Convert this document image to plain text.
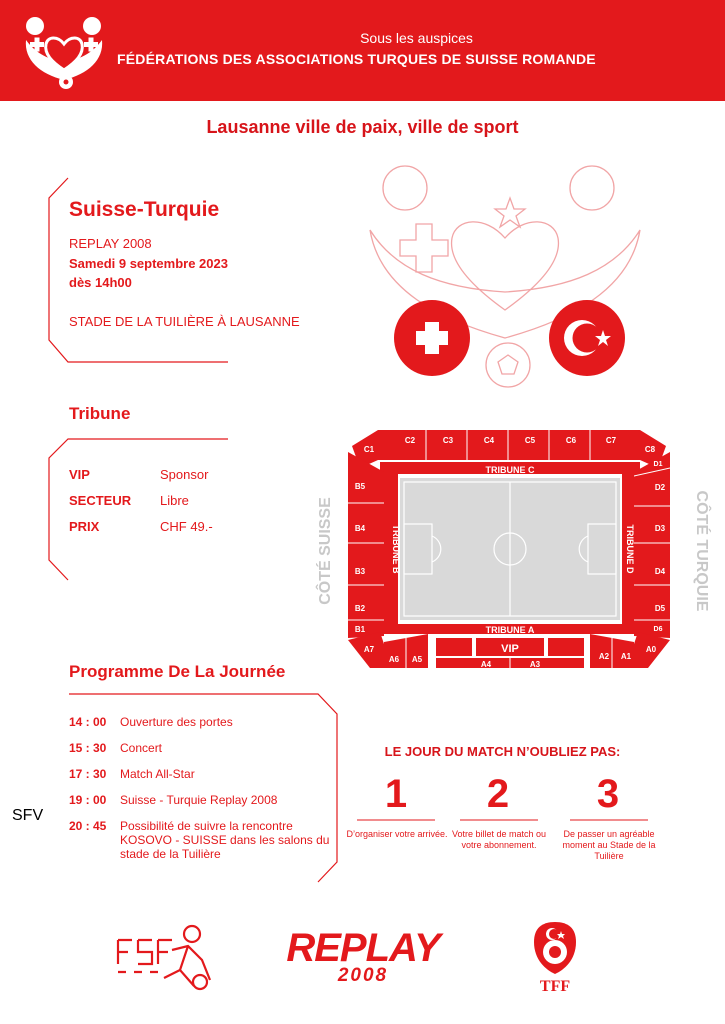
Sous les auspices
FÉDÉRATIONS DES ASSOCIATIONS TURQUES DE SUISSE ROMANDE
Lausanne ville de paix, ville de sport
Suisse-Turquie
REPLAY 2008
Samedi 9 septembre 2023
dès 14h00
STADE DE LA TUILIÈRE À LAUSANNE
Tribune
VIP	Sponsor
SECTEUR Libre
PRIX	CHF 49.-	CÔTÉ SUISSE	CÔTÉ TURQUIE
C1
C2	C3	C4	C5	C6	C7
C8
TRIBUNE C
B5
B4
B3
B2
B1
D1
D2
D3
D4
D5
D6
A7
A6 A5
A4	A3
A2 A1
A0
TRIBUNE A
VIP
TRIBUNE B	TRIBUNE D
Programme De La Journée
14 : 00 Ouverture des portes
15 : 30 Concert
17 : 30 Match All-Star
19 : 00 Suisse - Turquie Replay 2008
20 : 45 Possibilité de suivre la rencontre KOSOVO - SUISSE dans les salons du stade de la Tuilière
LE JOUR DU MATCH N’OUBLIEZ PAS:
1	2	3
D’organiser votre arrivée. Votre billet de match ou votre abonnement.
De passer un agréable moment au Stade de la Tuilière
SFV
REPLAY
2008
TFF
